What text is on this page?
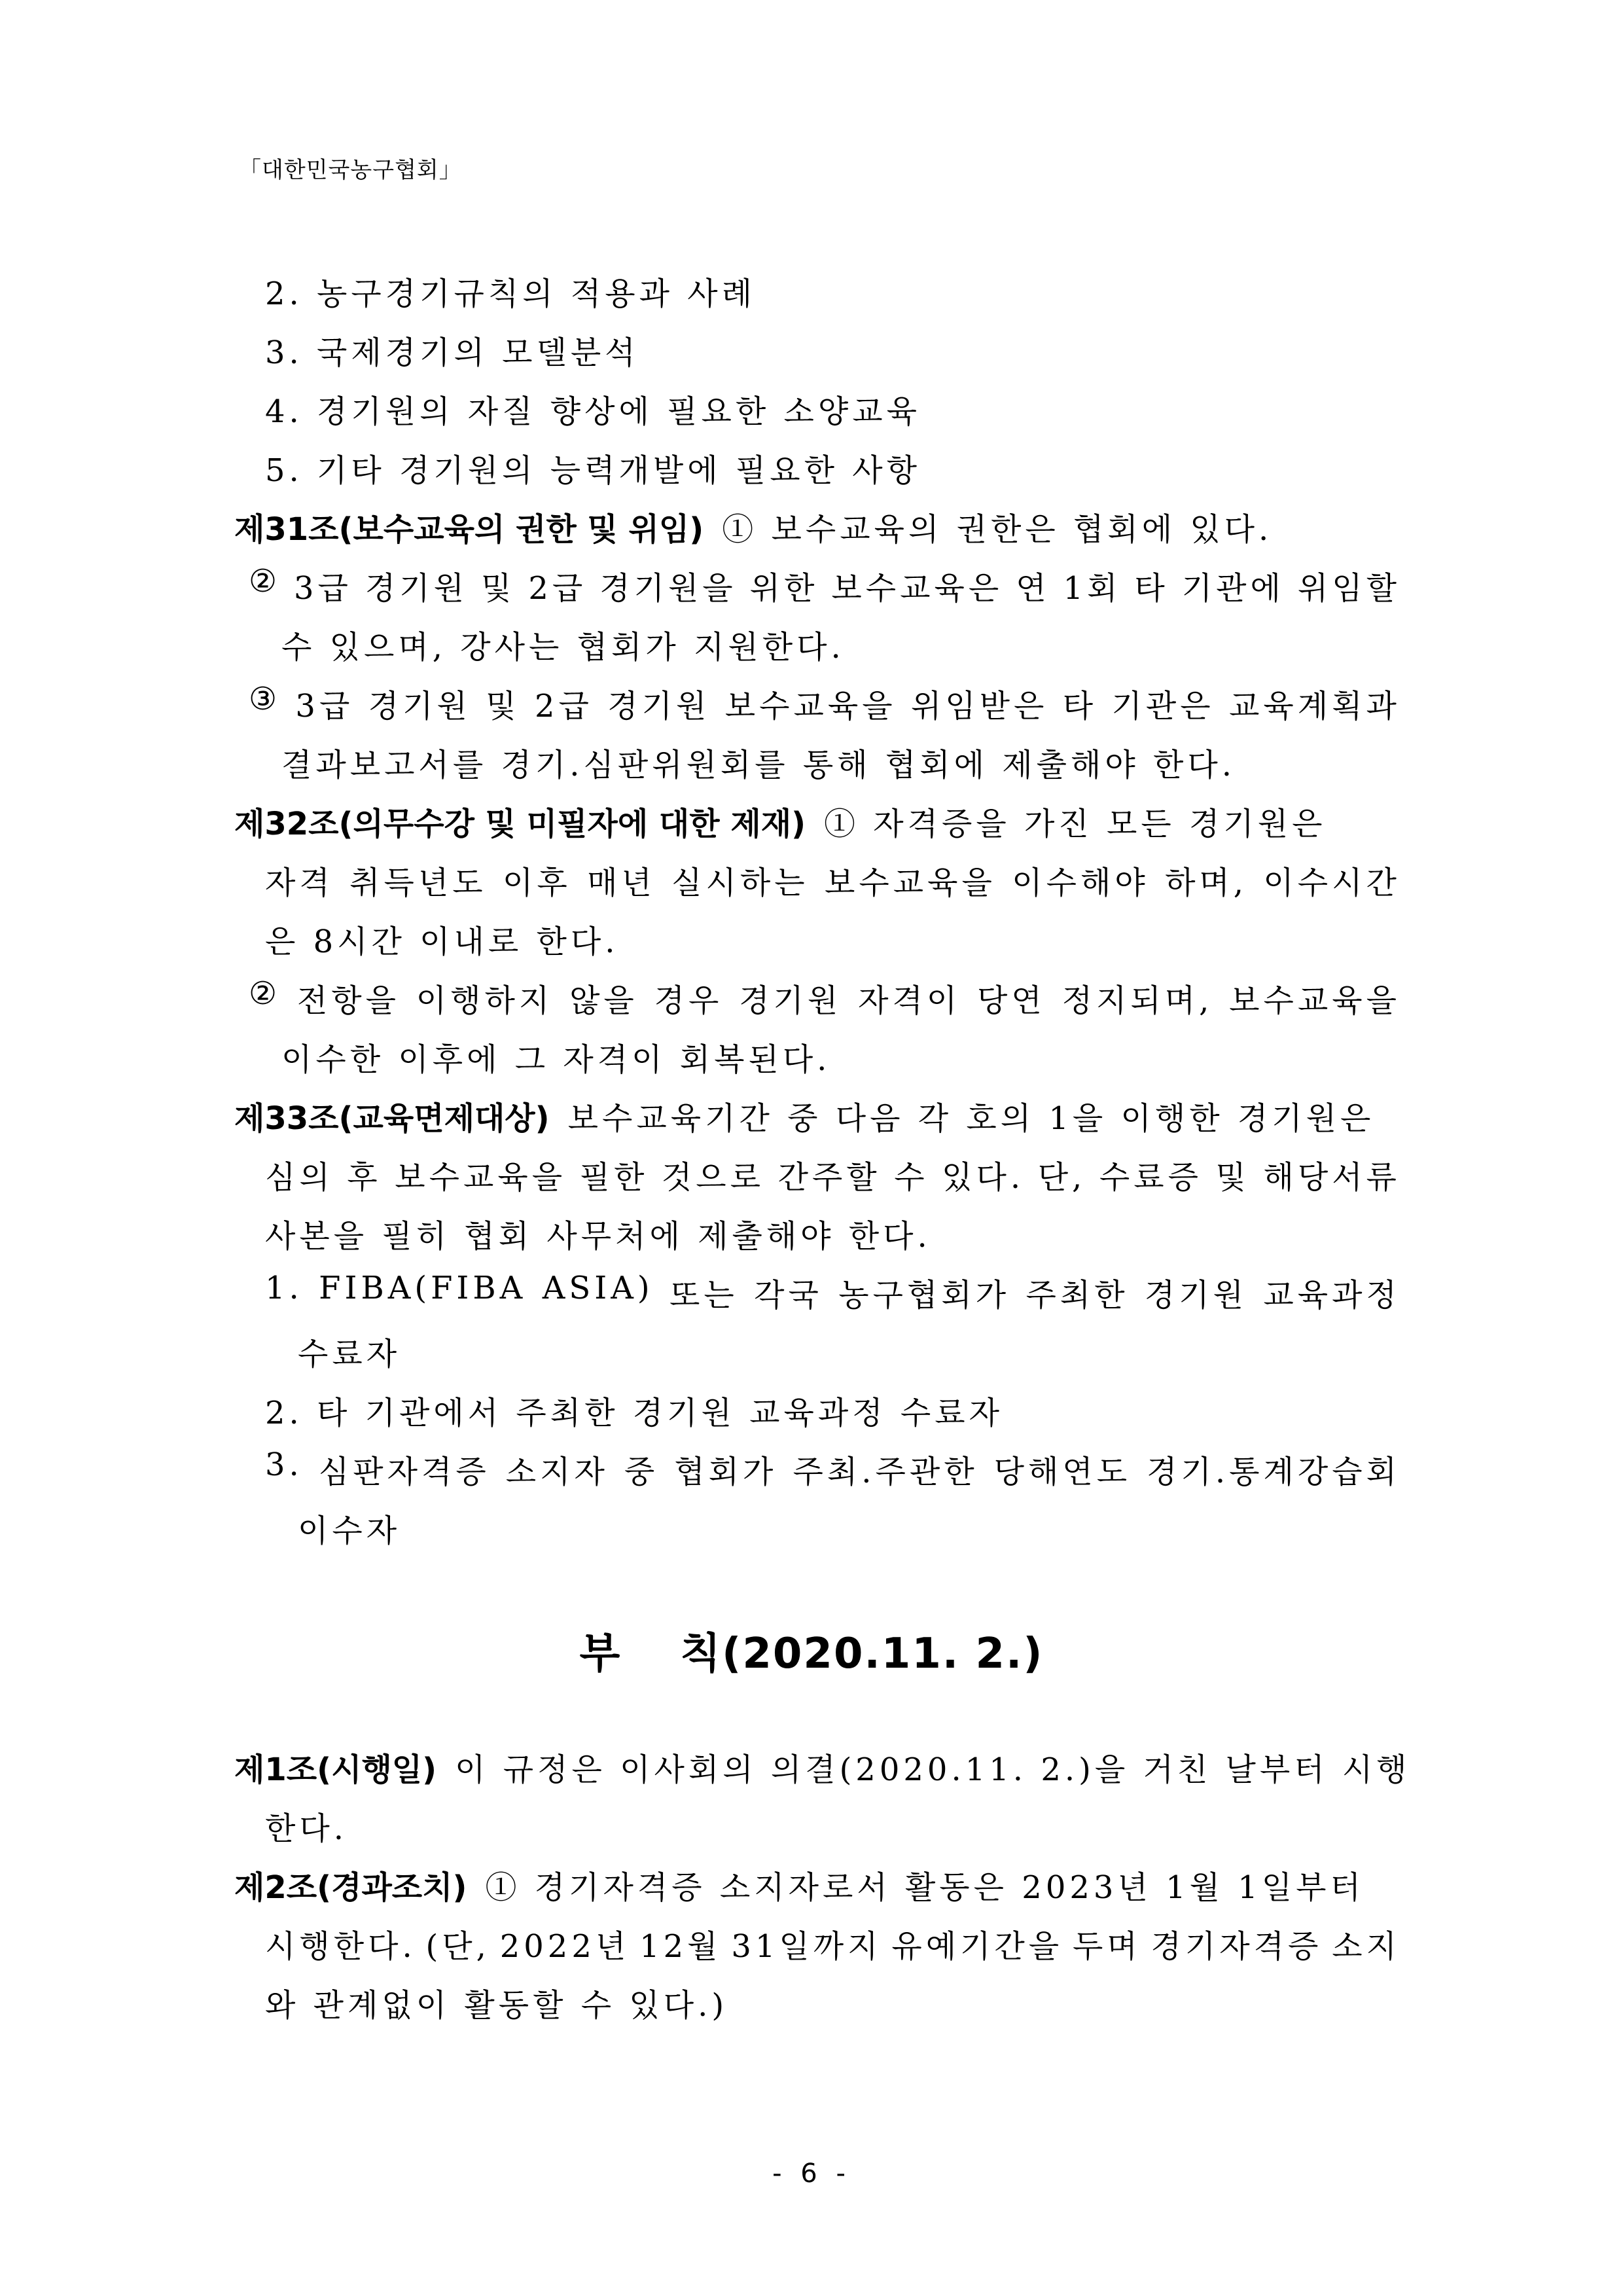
「대한민국농구협회」
2. 농구경기규칙의 적용과 사례
3. 국제경기의 모델분석
4. 경기원의 자질 향상에 필요한 소양교육
5. 기타 경기원의 능력개발에 필요한 사항
제31조(보수교육의 권한 및 위임) ① 보수교육의 권한은 협회에 있다.
② 3급 경기원 및 2급 경기원을 위한 보수교육은 연 1회 타 기관에 위임할
수 있으며, 강사는 협회가 지원한다.
③ 3급 경기원 및 2급 경기원 보수교육을 위임받은 타 기관은 교육계획과
결과보고서를 경기.심판위원회를 통해 협회에 제출해야 한다.
제32조(의무수강 및 미필자에 대한 제재) ① 자격증을 가진 모든 경기원은
자격 취득년도 이후 매년 실시하는 보수교육을 이수해야 하며, 이수시간
은 8시간 이내로 한다.
② 전항을 이행하지 않을 경우 경기원 자격이 당연 정지되며, 보수교육을
이수한 이후에 그 자격이 회복된다.
제33조(교육면제대상) 보수교육기간 중 다음 각 호의 1을 이행한 경기원은
심의 후 보수교육을 필한 것으로 간주할 수 있다. 단, 수료증 및 해당서류
사본을 필히 협회 사무처에 제출해야 한다.
1. FIBA(FIBA ASIA) 또는 각국 농구협회가 주최한 경기원 교육과정
수료자
2. 타 기관에서 주최한 경기원 교육과정 수료자
3. 심판자격증 소지자 중 협회가 주최.주관한 당해연도 경기.통계강습회
이수자
부 칙(2020.11. 2.)
제1조(시행일) 이 규정은 이사회의 의결(2020.11. 2.)을 거친 날부터 시행
한다.
제2조(경과조치) ① 경기자격증 소지자로서 활동은 2023년 1월 1일부터
시행한다. (단, 2022년 12월 31일까지 유예기간을 두며 경기자격증 소지
와 관계없이 활동할 수 있다.)
- 6 -
